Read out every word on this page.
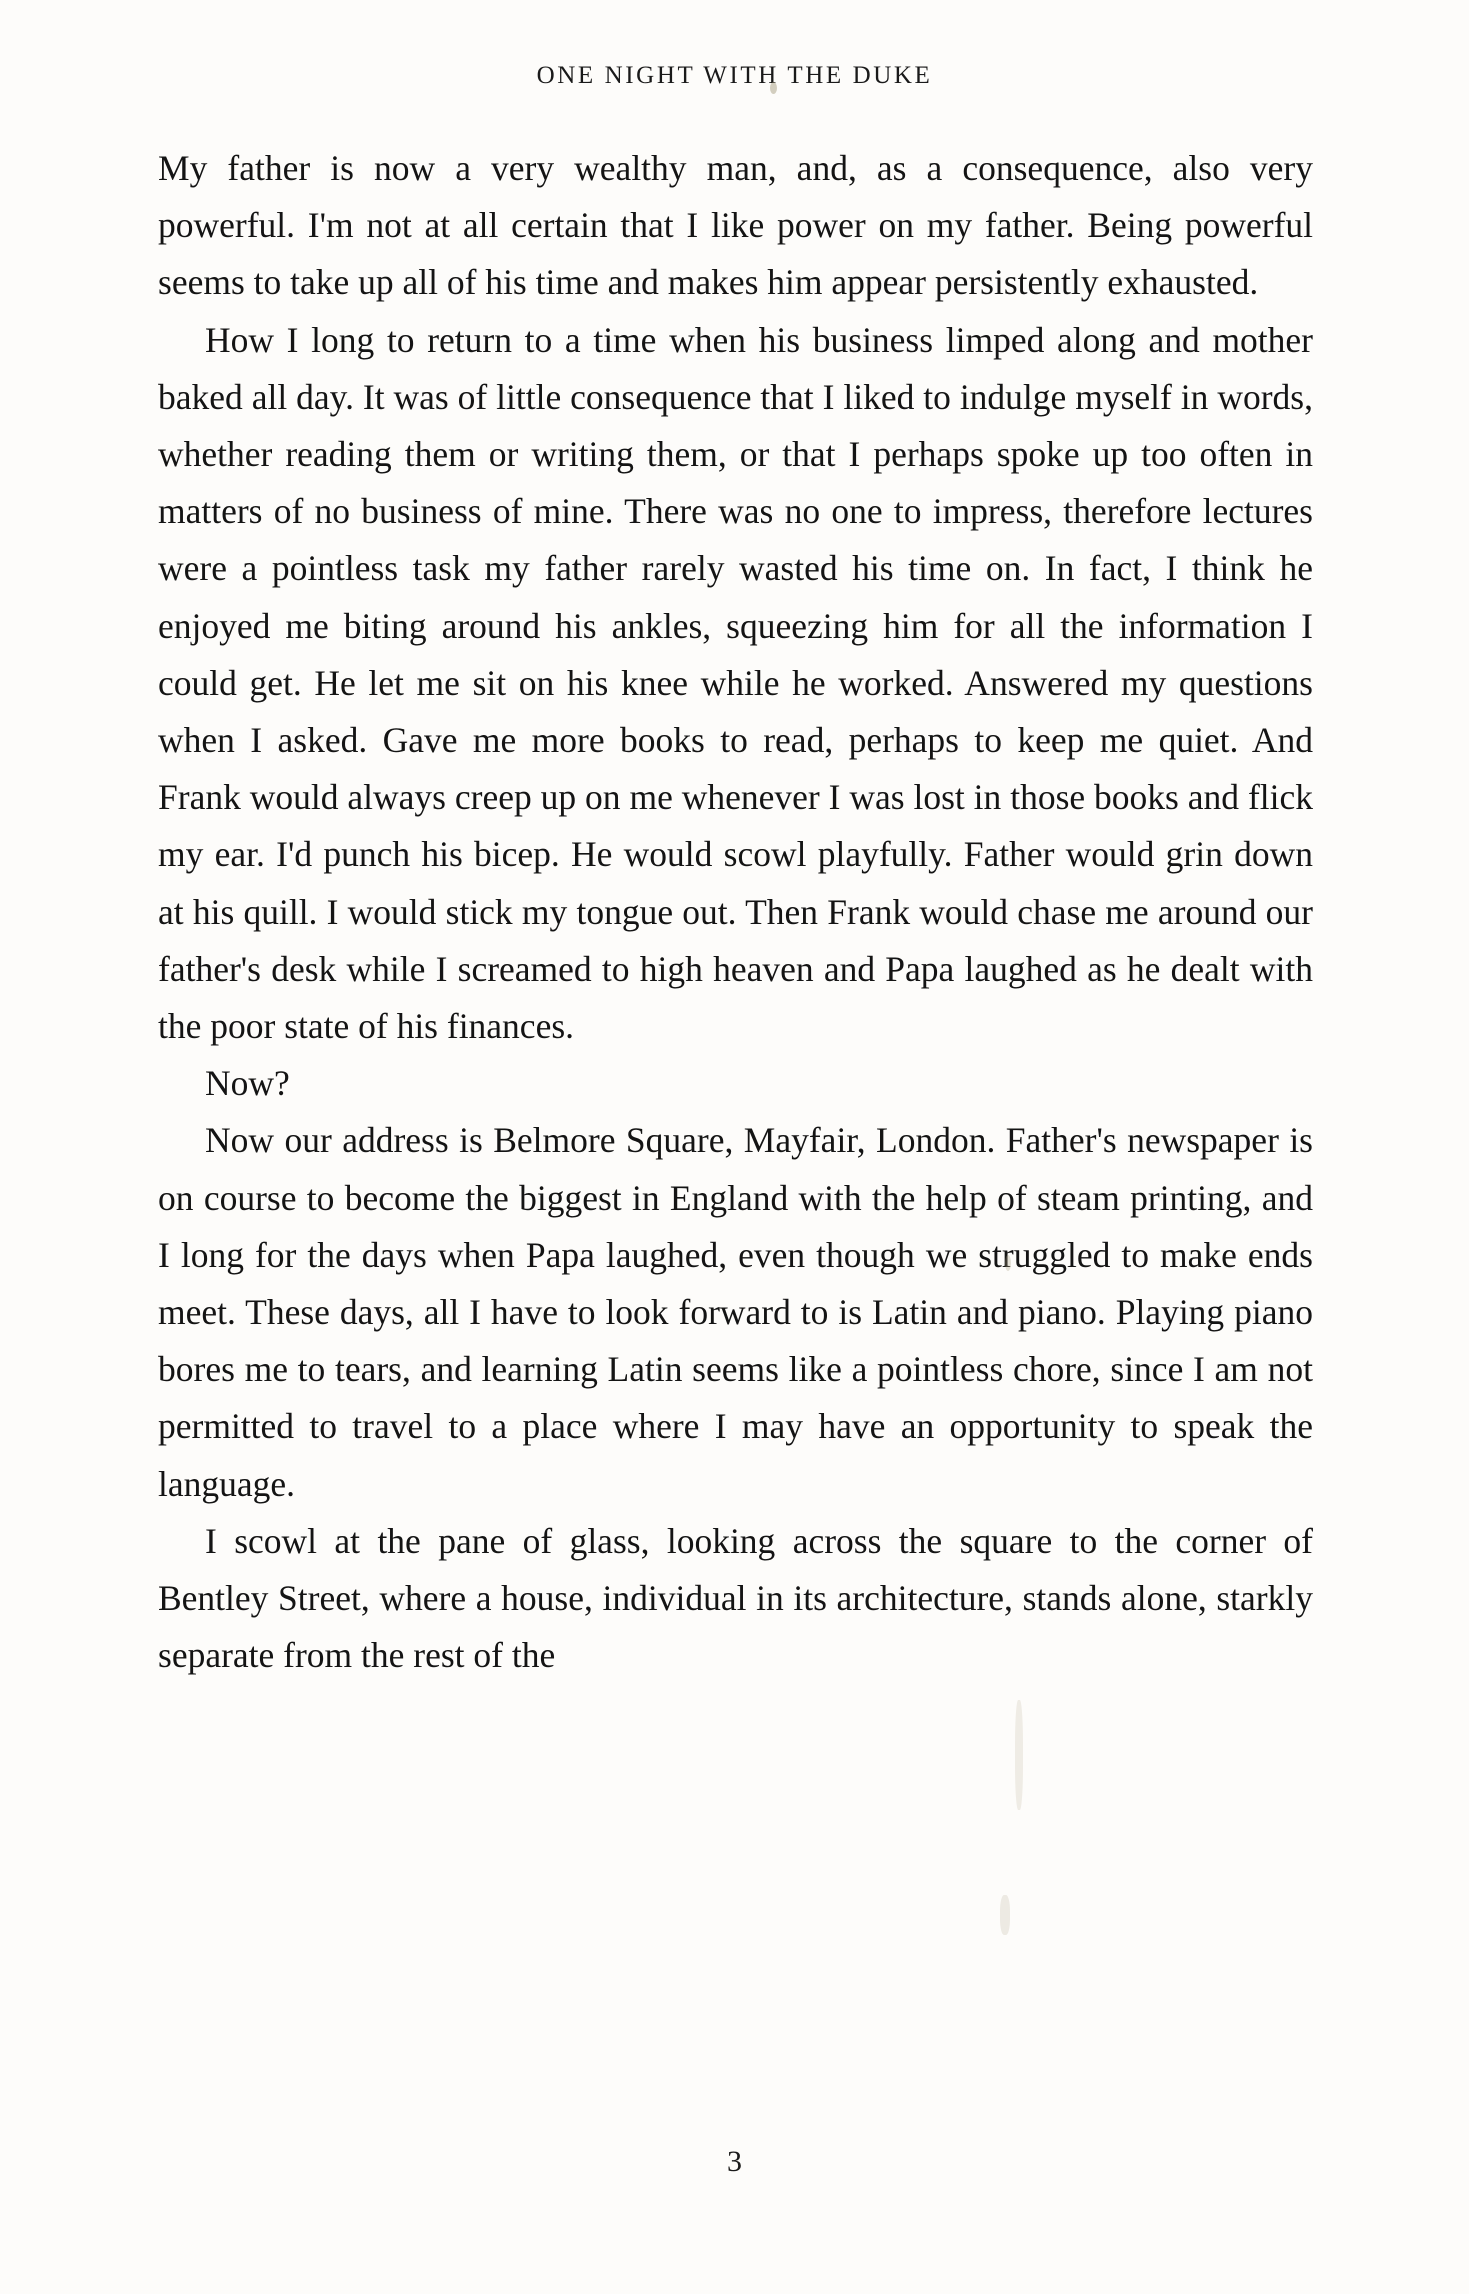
ONE NIGHT WITH THE DUKE

My father is now a very wealthy man, and, as a consequence, also very powerful. I'm not at all certain that I like power on my father. Being powerful seems to take up all of his time and makes him appear persistently exhausted.

How I long to return to a time when his business limped along and mother baked all day. It was of little consequence that I liked to indulge myself in words, whether reading them or writing them, or that I perhaps spoke up too often in matters of no business of mine. There was no one to impress, therefore lectures were a pointless task my father rarely wasted his time on. In fact, I think he enjoyed me biting around his ankles, squeezing him for all the information I could get. He let me sit on his knee while he worked. Answered my questions when I asked. Gave me more books to read, perhaps to keep me quiet. And Frank would always creep up on me whenever I was lost in those books and flick my ear. I'd punch his bicep. He would scowl playfully. Father would grin down at his quill. I would stick my tongue out. Then Frank would chase me around our father's desk while I screamed to high heaven and Papa laughed as he dealt with the poor state of his finances.

Now?

Now our address is Belmore Square, Mayfair, London. Father's newspaper is on course to become the biggest in England with the help of steam printing, and I long for the days when Papa laughed, even though we struggled to make ends meet. These days, all I have to look forward to is Latin and piano. Playing piano bores me to tears, and learning Latin seems like a pointless chore, since I am not permitted to travel to a place where I may have an opportunity to speak the language.

I scowl at the pane of glass, looking across the square to the corner of Bentley Street, where a house, individual in its architecture, stands alone, starkly separate from the rest of the

3
